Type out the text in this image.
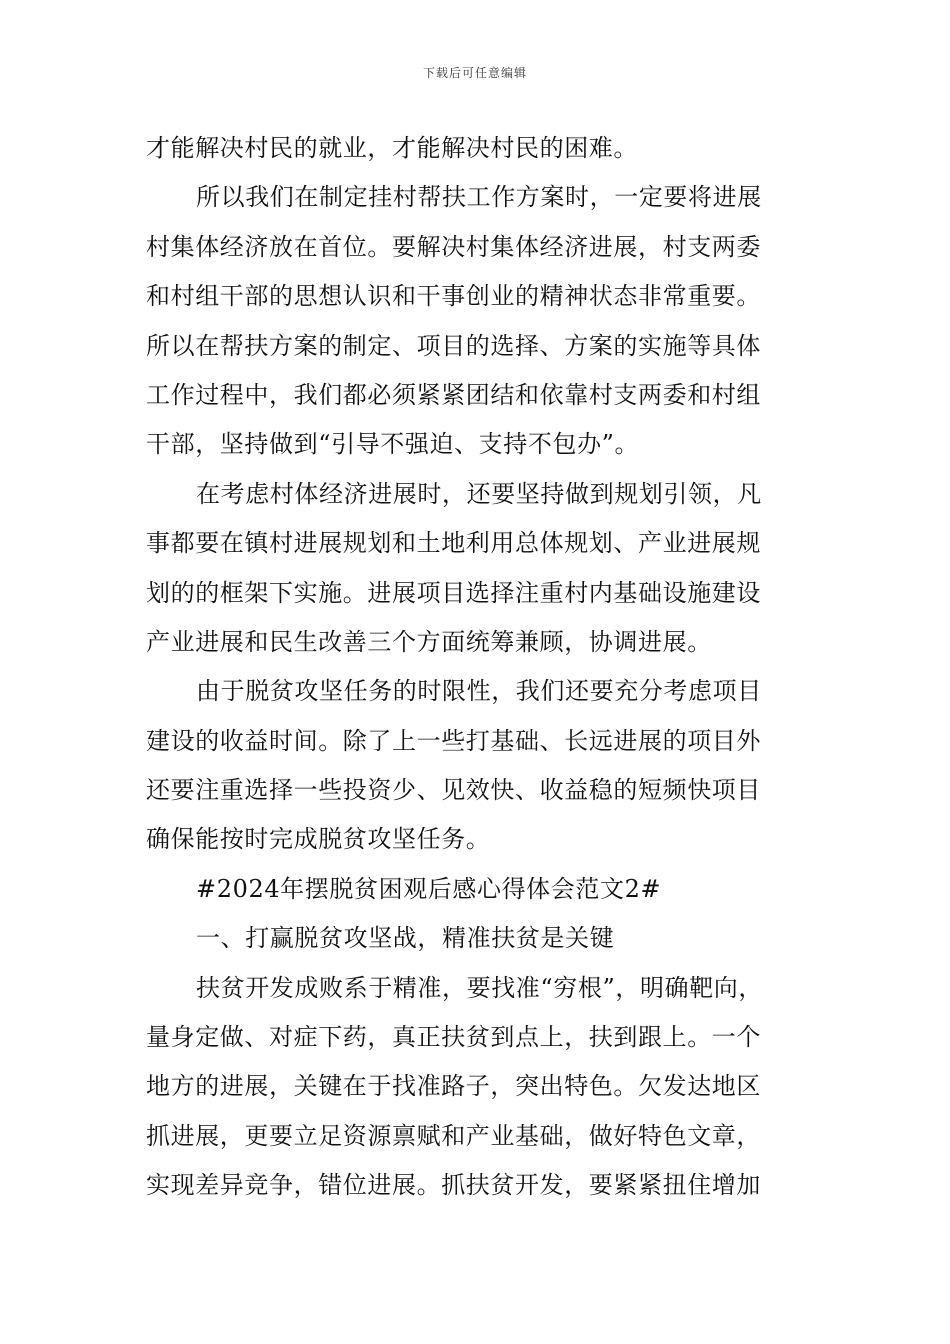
下载后可任意编辑
才能解决村民的就业，才能解决村民的困难。
所以我们在制定挂村帮扶工作方案时，一定要将进展
村集体经济放在首位。要解决村集体经济进展，村支两委
和村组干部的思想认识和干事创业的精神状态非常重要。
所以在帮扶方案的制定、项目的选择、方案的实施等具体
工作过程中，我们都必须紧紧团结和依靠村支两委和村组
干部，坚持做到“引导不强迫、支持不包办”。
在考虑村体经济进展时，还要坚持做到规划引领，凡
事都要在镇村进展规划和土地利用总体规划、产业进展规
划的的框架下实施。进展项目选择注重村内基础设施建设
产业进展和民生改善三个方面统筹兼顾，协调进展。
由于脱贫攻坚任务的时限性，我们还要充分考虑项目
建设的收益时间。除了上一些打基础、长远进展的项目外
还要注重选择一些投资少、见效快、收益稳的短频快项目
确保能按时完成脱贫攻坚任务。
#2024年摆脱贫困观后感心得体会范文2#
一、打赢脱贫攻坚战，精准扶贫是关键
扶贫开发成败系于精准，要找准“穷根”，明确靶向，
量身定做、对症下药，真正扶贫到点上，扶到跟上。一个
地方的进展，关键在于找准路子，突出特色。欠发达地区
抓进展，更要立足资源禀赋和产业基础，做好特色文章，
实现差异竞争，错位进展。抓扶贫开发，要紧紧扭住增加
